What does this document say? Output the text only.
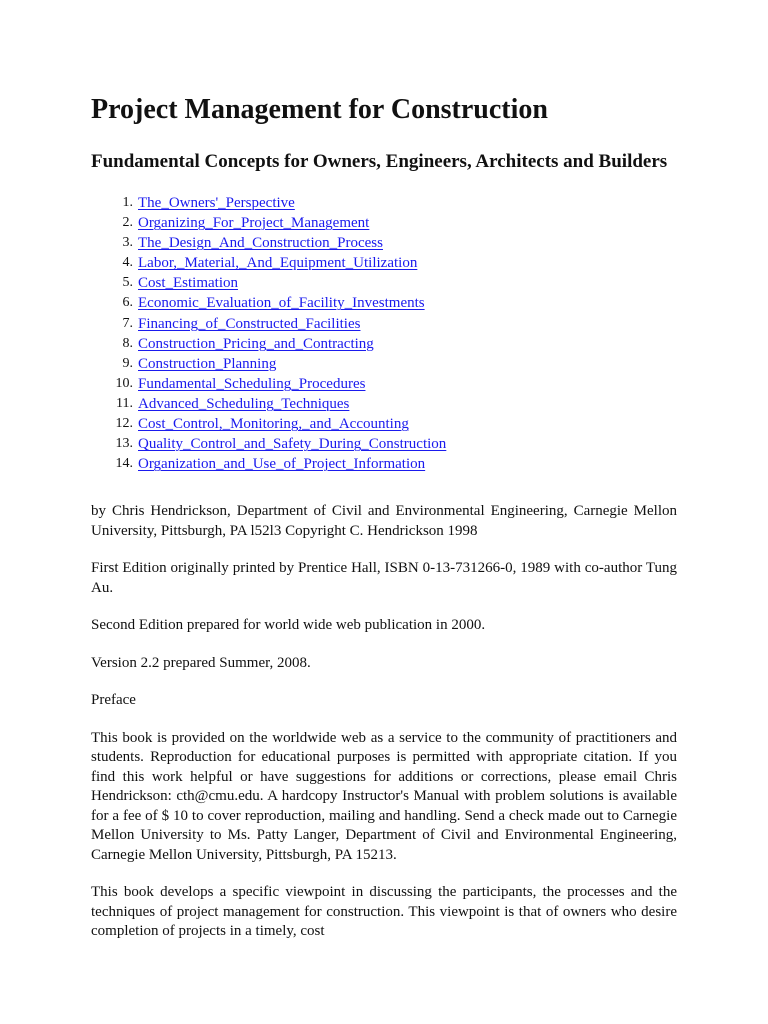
Project Management for Construction
Fundamental Concepts for Owners, Engineers, Architects and Builders
1. The_Owners'_Perspective
2. Organizing_For_Project_Management
3. The_Design_And_Construction_Process
4. Labor,_Material,_And_Equipment_Utilization
5. Cost_Estimation
6. Economic_Evaluation_of_Facility_Investments
7. Financing_of_Constructed_Facilities
8. Construction_Pricing_and_Contracting
9. Construction_Planning
10. Fundamental_Scheduling_Procedures
11. Advanced_Scheduling_Techniques
12. Cost_Control,_Monitoring,_and_Accounting
13. Quality_Control_and_Safety_During_Construction
14. Organization_and_Use_of_Project_Information

by Chris Hendrickson, Department of Civil and Environmental Engineering, Carnegie Mellon University, Pittsburgh, PA l52l3 Copyright C. Hendrickson 1998

First Edition originally printed by Prentice Hall, ISBN 0-13-731266-0, 1989 with co-author Tung Au.

Second Edition prepared for world wide web publication in 2000.

Version 2.2 prepared Summer, 2008.

Preface

This book is provided on the worldwide web as a service to the community of practitioners and students. Reproduction for educational purposes is permitted with appropriate citation. If you find this work helpful or have suggestions for additions or corrections, please email Chris Hendrickson: cth@cmu.edu. A hardcopy Instructor's Manual with problem solutions is available for a fee of $ 10 to cover reproduction, mailing and handling. Send a check made out to Carnegie Mellon University to Ms. Patty Langer, Department of Civil and Environmental Engineering, Carnegie Mellon University, Pittsburgh, PA 15213.

This book develops a specific viewpoint in discussing the participants, the processes and the techniques of project management for construction. This viewpoint is that of owners who desire completion of projects in a timely, cost
